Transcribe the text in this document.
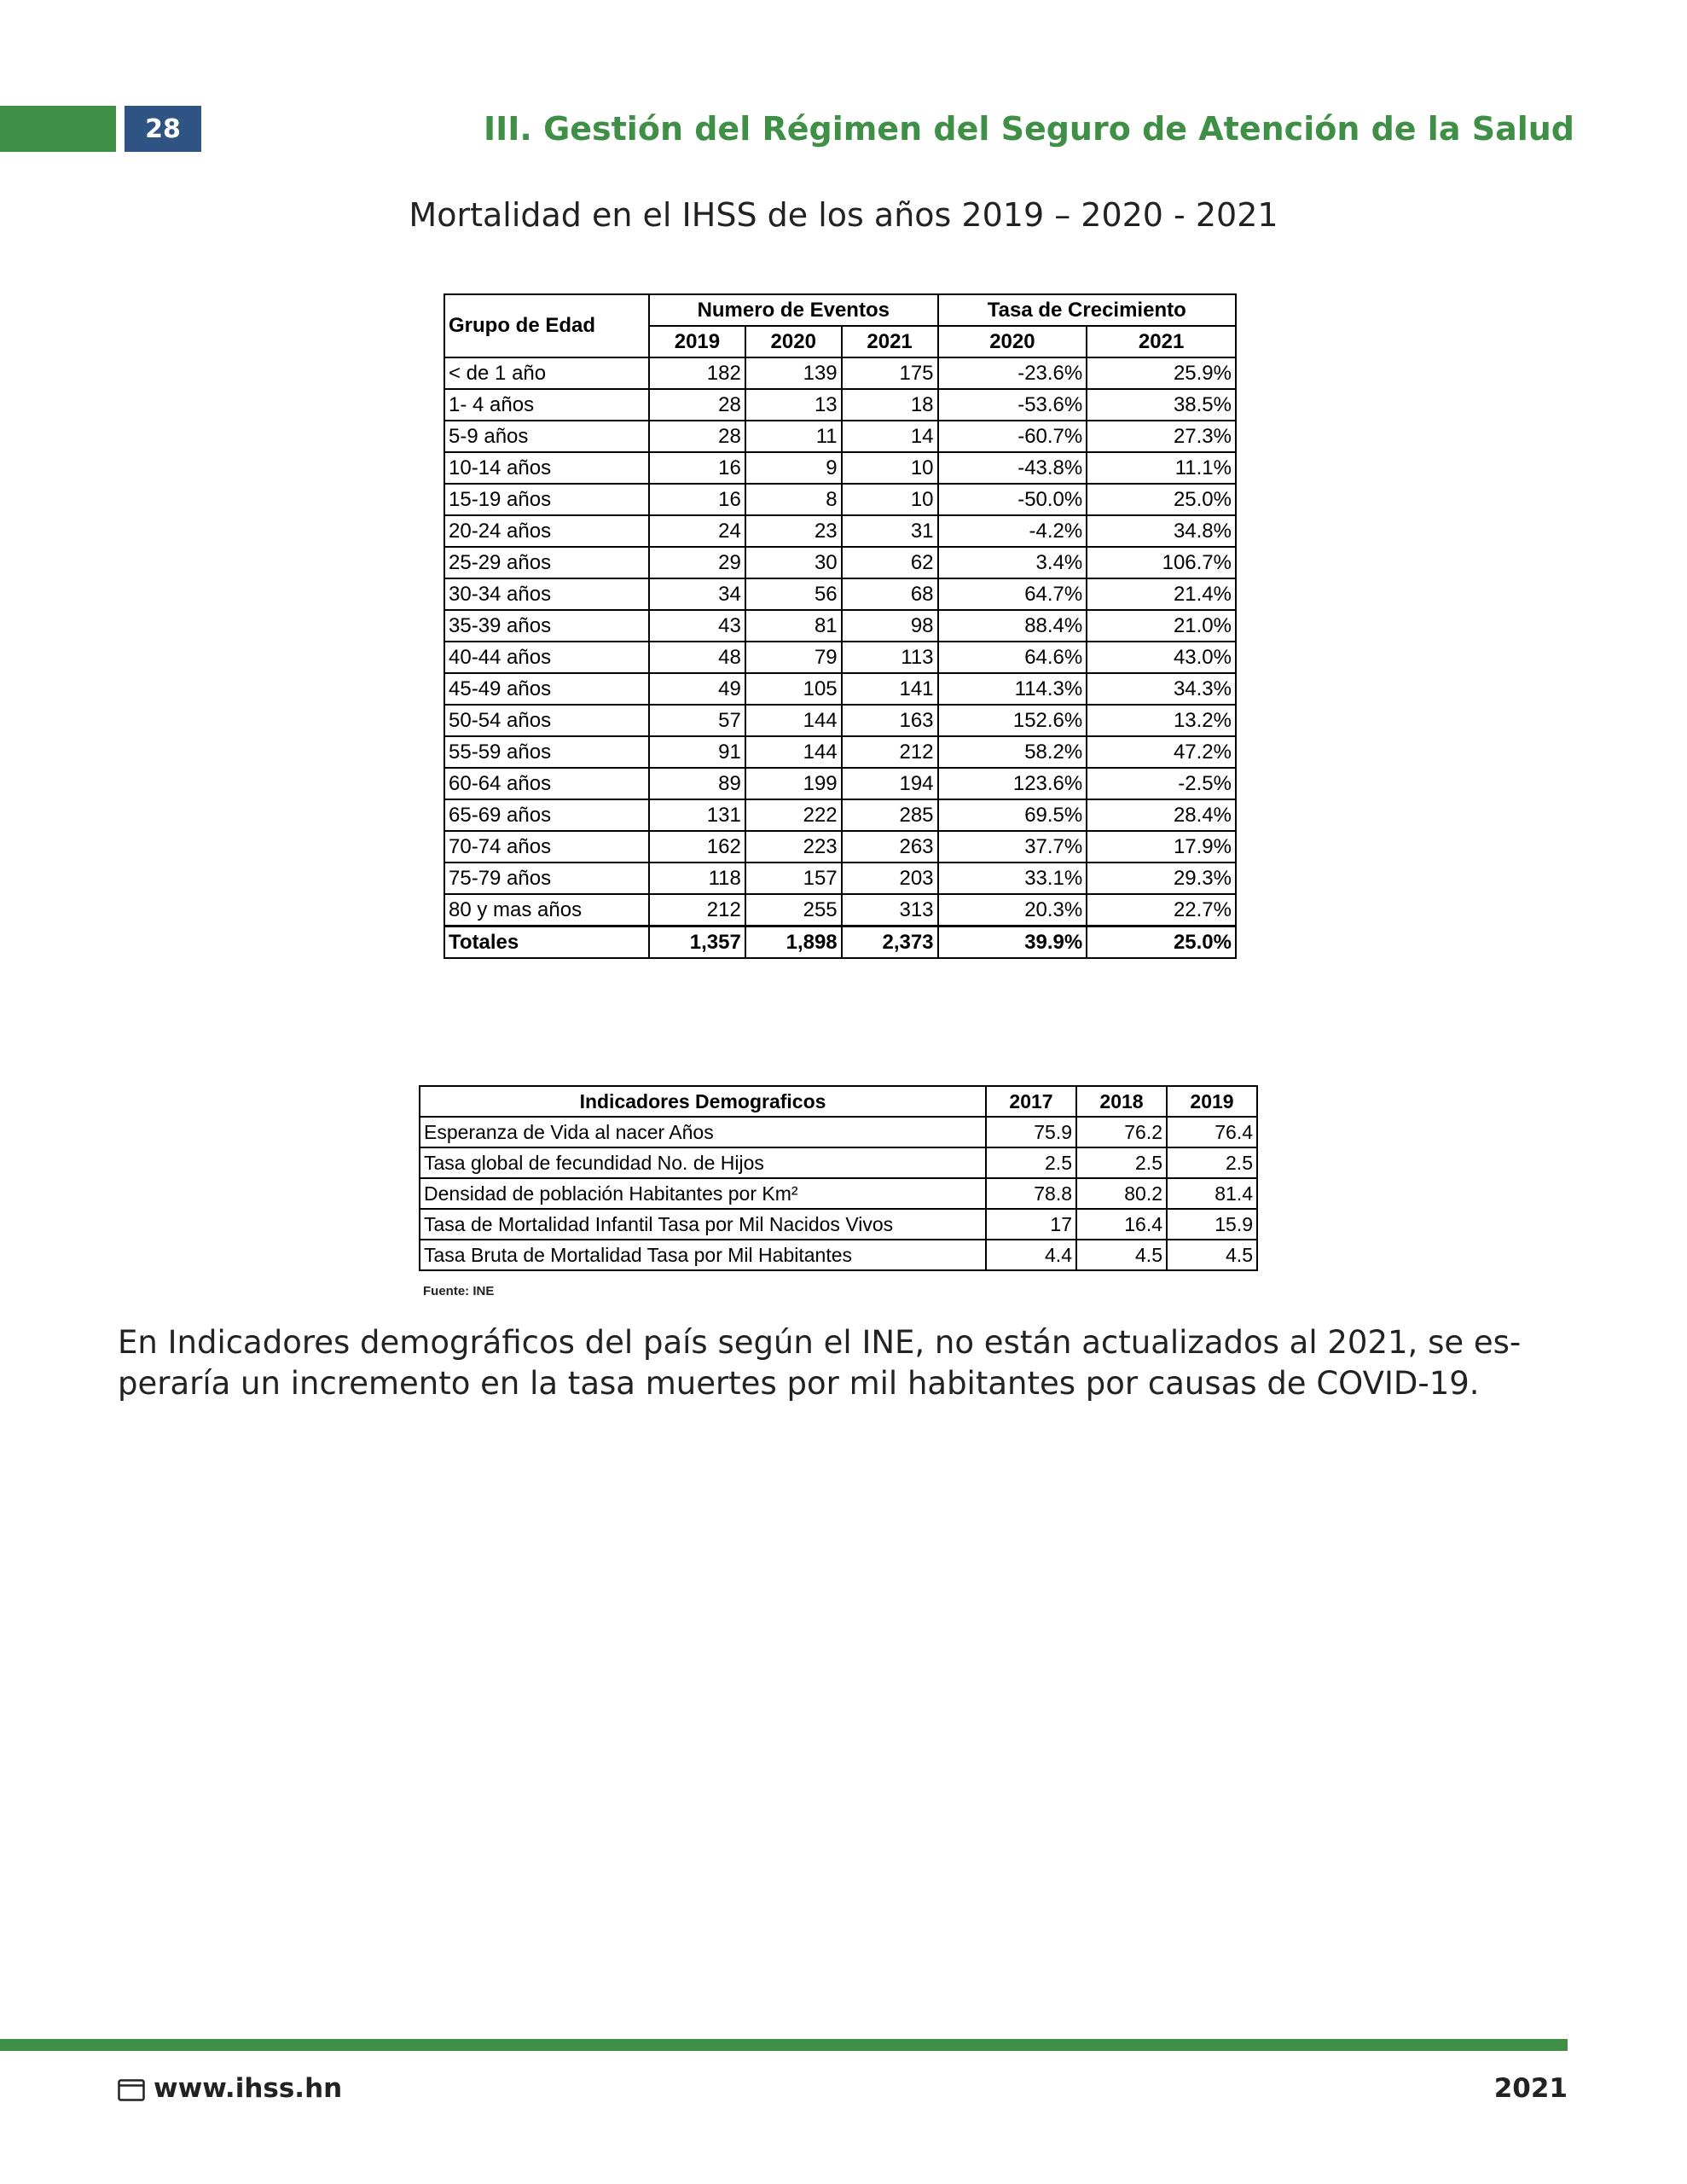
28	III. Gestión del Régimen del Seguro de Atención de la Salud
Mortalidad en el IHSS de los años 2019 – 2020 - 2021
Grupo de Edad	Numero de Eventos			Tasa de Crecimiento	
	2019	2020	2021	2020	2021
< de 1 año	182	139	175	-23.6%	25.9%
1- 4 años	28	13	18	-53.6%	38.5%
5-9 años	28	11	14	-60.7%	27.3%
10-14 años	16	9	10	-43.8%	11.1%
15-19 años	16	8	10	-50.0%	25.0%
20-24 años	24	23	31	-4.2%	34.8%
25-29 años	29	30	62	3.4%	106.7%
30-34 años	34	56	68	64.7%	21.4%
35-39 años	43	81	98	88.4%	21.0%
40-44 años	48	79	113	64.6%	43.0%
45-49 años	49	105	141	114.3%	34.3%
50-54 años	57	144	163	152.6%	13.2%
55-59 años	91	144	212	58.2%	47.2%
60-64 años	89	199	194	123.6%	-2.5%
65-69 años	131	222	285	69.5%	28.4%
70-74 años	162	223	263	37.7%	17.9%
75-79 años	118	157	203	33.1%	29.3%
80 y mas años	212	255	313	20.3%	22.7%
Totales	1,357	1,898	2,373	39.9%	25.0%
Indicadores Demograficos	2017	2018	2019
Esperanza de Vida al nacer Años	75.9	76.2	76.4
Tasa global de fecundidad No. de Hijos	2.5	2.5	2.5
Densidad de población Habitantes por Km²	78.8	80.2	81.4
Tasa de Mortalidad Infantil Tasa por Mil Nacidos Vivos	17	16.4	15.9
Tasa Bruta de Mortalidad Tasa por Mil Habitantes	4.4	4.5	4.5
Fuente: INE
En Indicadores demográficos del país según el INE, no están actualizados al 2021, se es-
peraría un incremento en la tasa muertes por mil habitantes por causas de COVID-19.
www.ihss.hn	2021
